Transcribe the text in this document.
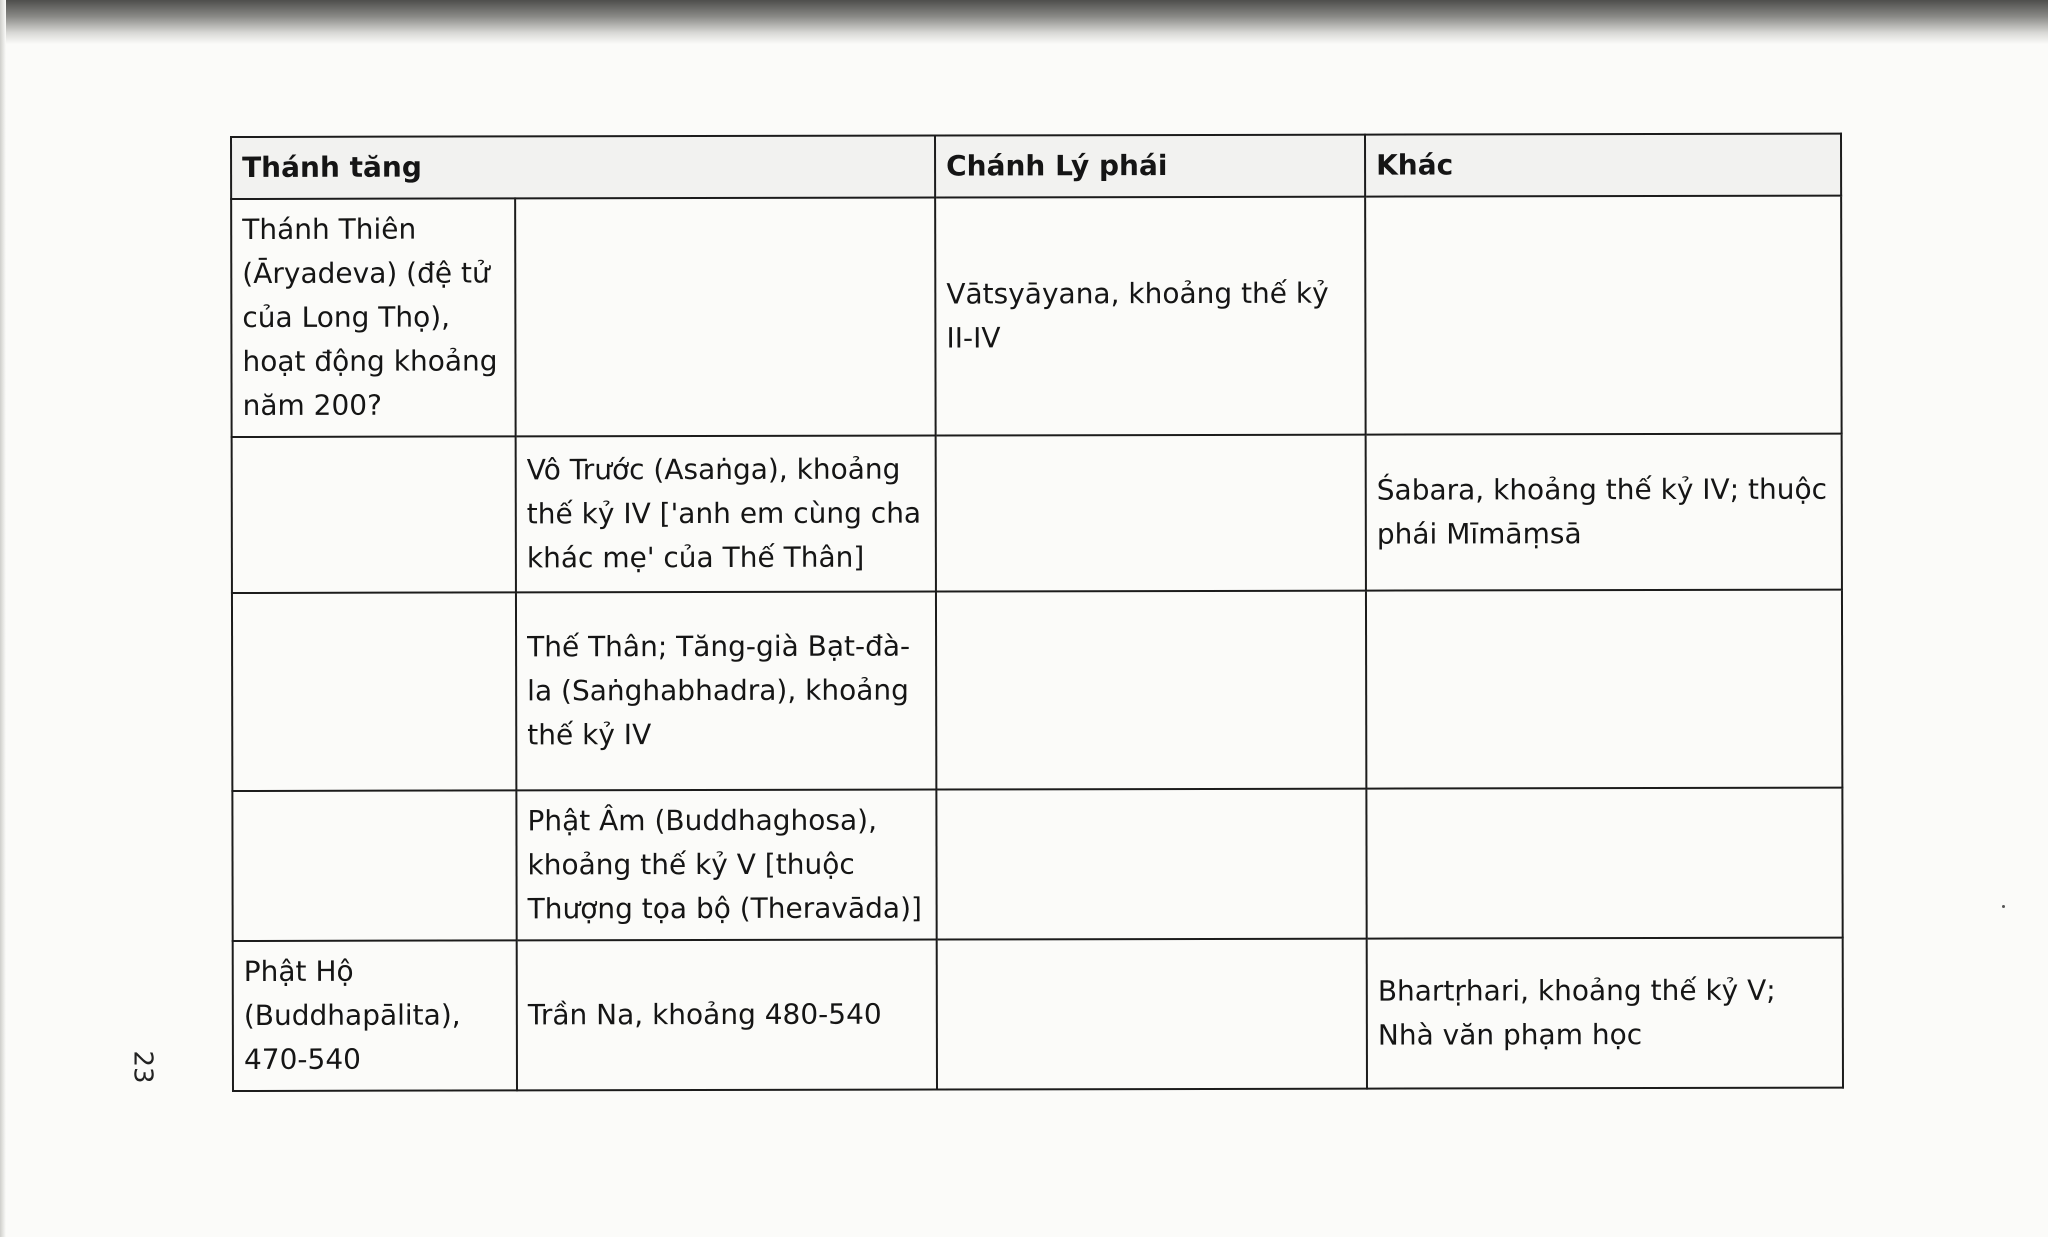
Thánh tăng		Chánh Lý phái	Khác
Thánh Thiên (Āryadeva) (đệ tử của Long Thọ), hoạt động khoảng năm 200?		Vātsyāyana, khoảng thế kỷ II-IV	
	Vô Trước (Asaṅga), khoảng thế kỷ IV ['anh em cùng cha khác mẹ' của Thế Thân]		Śabara, khoảng thế kỷ IV; thuộc phái Mīmāṃsā
	Thế Thân; Tăng-già Bạt-đà-la (Saṅghabhadra), khoảng thế kỷ IV		
	Phật Âm (Buddhaghosa), khoảng thế kỷ V [thuộc Thượng tọa bộ (Theravāda)]		
Phật Hộ (Buddhapālita), 470-540	Trần Na, khoảng 480-540		Bhartṛhari, khoảng thế kỷ V; Nhà văn phạm học
23
